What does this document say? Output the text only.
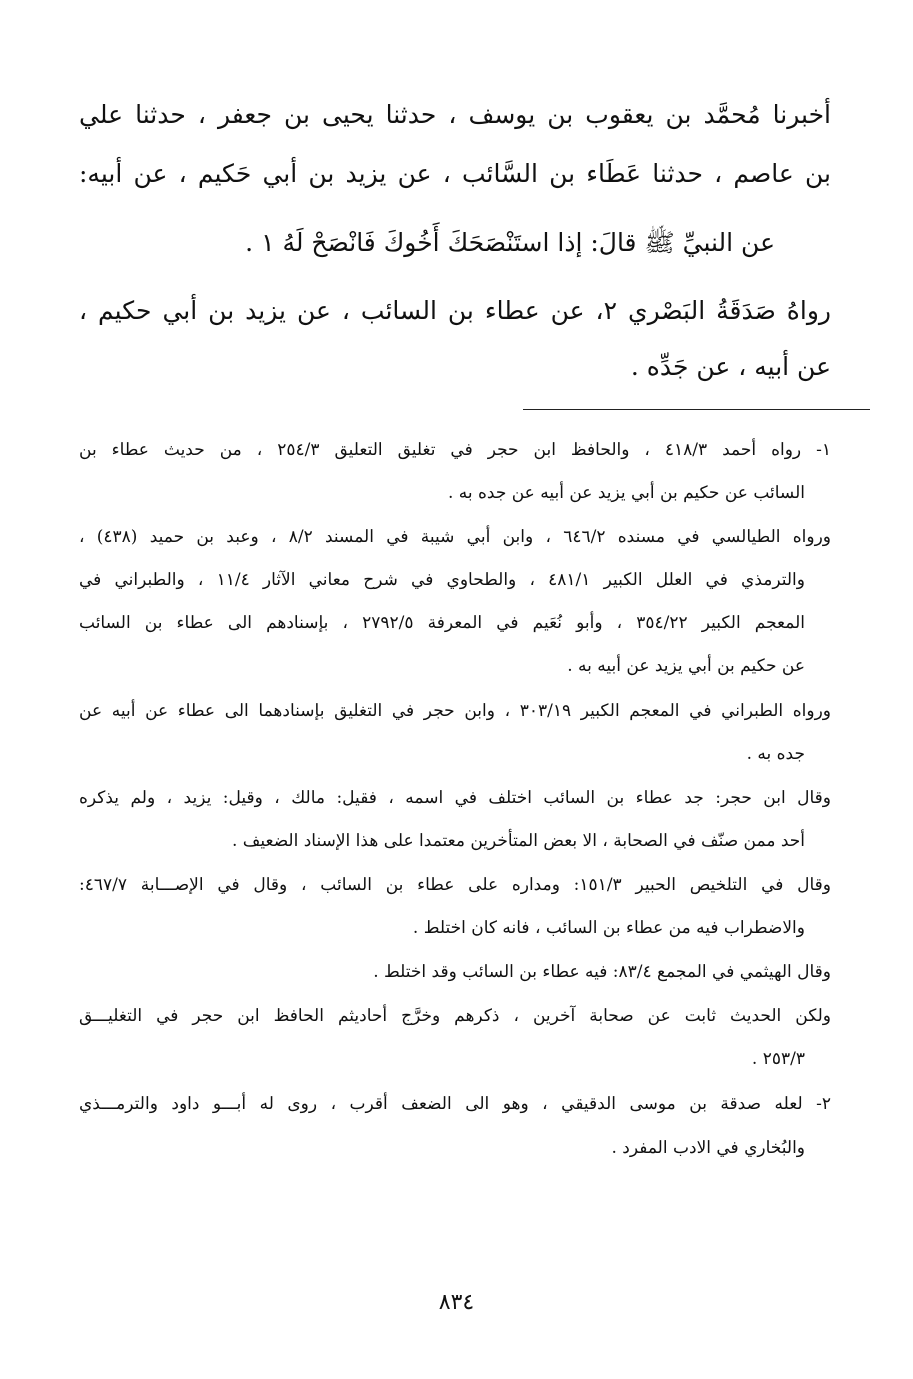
أخبرنا مُحمَّد بن يعقوب بن يوسف ، حدثنا يحيى بن جعفر ، حدثنا علي
بن عاصم ، حدثنا عَطَاء بن السَّائب ، عن يزيد بن أبي حَكيم ، عن أبيه:
عن النبيِّ ﷺ قالَ: إذا استَنْصَحَكَ أَخُوكَ فَانْصَحْ لَهُ ١ .
رواهُ صَدَقَةُ البَصْري ٢، عن عطاء بن السائب ، عن يزيد بن أبي حكيم ،
عن أبيه ، عن جَدِّه .
١- رواه أحمد ٤١٨/٣ ، والحافظ ابن حجر في تغليق التعليق ٢٥٤/٣ ، من حديث عطاء بن
السائب عن حكيم بن أبي يزيد عن أبيه عن جده به .
ورواه الطيالسي في مسنده ٦٤٦/٢ ، وابن أبي شيبة في المسند ٨/٢ ، وعبد بن حميد (٤٣٨) ،
والترمذي في العلل الكبير ٤٨١/١ ، والطحاوي في شرح معاني الآثار ١١/٤ ، والطبراني في
المعجم الكبير ٣٥٤/٢٢ ، وأبو نُعَيم في المعرفة ٢٧٩٢/٥ ، بإسنادهم الى عطاء بن السائب
عن حكيم بن أبي يزيد عن أبيه به .
ورواه الطبراني في المعجم الكبير ٣٠٣/١٩ ، وابن حجر في التغليق بإسنادهما الى عطاء عن أبيه عن
جده به .
وقال ابن حجر: جد عطاء بن السائب اختلف في اسمه ، فقيل: مالك ، وقيل: يزيد ، ولم يذكره
أحد ممن صنّف في الصحابة ، الا بعض المتأخرين معتمدا على هذا الإسناد الضعيف .
وقال في التلخيص الحبير ١٥١/٣: ومداره على عطاء بن السائب ، وقال في الإصـــابة ٤٦٧/٧:
والاضطراب فيه من عطاء بن السائب ، فانه كان اختلط .
وقال الهيثمي في المجمع ٨٣/٤: فيه عطاء بن السائب وقد اختلط .
ولكن الحديث ثابت عن صحابة آخرين ، ذكرهم وخرَّج أحاديثم الحافظ ابن حجر في التغليـــق
٢٥٣/٣ .
٢- لعله صدقة بن موسى الدقيقي ، وهو الى الضعف أقرب ، روى له أبـــو داود والترمـــذي
والبُخاري في الادب المفرد .
٨٣٤
